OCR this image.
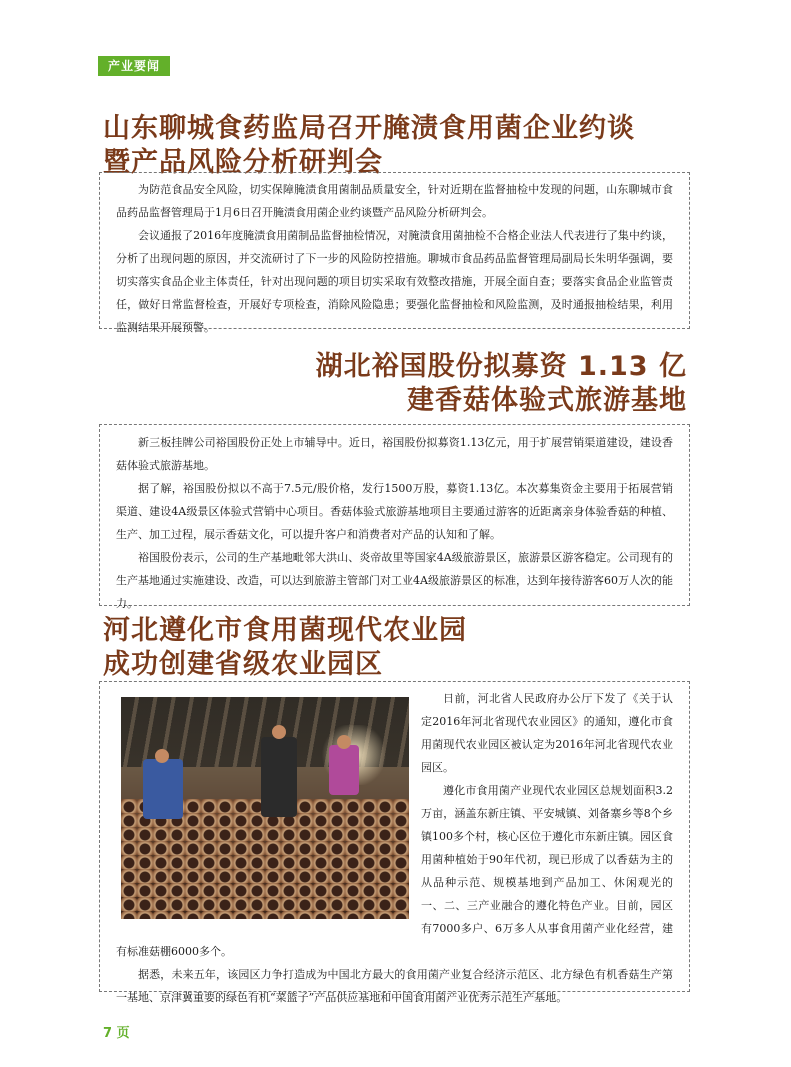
产业要闻
山东聊城食药监局召开腌渍食用菌企业约谈
暨产品风险分析研判会

为防范食品安全风险，切实保障腌渍食用菌制品质量安全，针对近期在监督抽检中发现的问题，山东聊城市食品药品监督管理局于1月6日召开腌渍食用菌企业约谈暨产品风险分析研判会。

会议通报了2016年度腌渍食用菌制品监督抽检情况，对腌渍食用菌抽检不合格企业法人代表进行了集中约谈，分析了出现问题的原因，并交流研讨了下一步的风险防控措施。聊城市食品药品监督管理局副局长朱明华强调，要切实落实食品企业主体责任，针对出现问题的项目切实采取有效整改措施，开展全面自查；要落实食品企业监管责任，做好日常监督检查，开展好专项检查，消除风险隐患；要强化监督抽检和风险监测，及时通报抽检结果，利用监测结果开展预警。

湖北裕国股份拟募资 1.13 亿
建香菇体验式旅游基地

新三板挂牌公司裕国股份正处上市辅导中。近日，裕国股份拟募资1.13亿元，用于扩展营销渠道建设，建设香菇体验式旅游基地。

据了解，裕国股份拟以不高于7.5元/股价格，发行1500万股，募资1.13亿。本次募集资金主要用于拓展营销渠道、建设4A级景区体验式营销中心项目。香菇体验式旅游基地项目主要通过游客的近距离亲身体验香菇的种植、生产、加工过程，展示香菇文化，可以提升客户和消费者对产品的认知和了解。

裕国股份表示，公司的生产基地毗邻大洪山、炎帝故里等国家4A级旅游景区，旅游景区游客稳定。公司现有的生产基地通过实施建设、改造，可以达到旅游主管部门对工业4A级旅游景区的标准，达到年接待游客60万人次的能力。

河北遵化市食用菌现代农业园
成功创建省级农业园区

日前，河北省人民政府办公厅下发了《关于认定2016年河北省现代农业园区》的通知，遵化市食用菌现代农业园区被认定为2016年河北省现代农业园区。

遵化市食用菌产业现代农业园区总规划面积3.2万亩，涵盖东新庄镇、平安城镇、刘备寨乡等8个乡镇100多个村，核心区位于遵化市东新庄镇。园区食用菌种植始于90年代初，现已形成了以香菇为主的从品种示范、规模基地到产品加工、休闲观光的一、二、三产业融合的遵化特色产业。目前，园区有7000多户、6万多人从事食用菌产业化经营，建有标准菇棚6000多个。

据悉，未来五年，该园区力争打造成为中国北方最大的食用菌产业复合经济示范区、北方绿色有机香菇生产第一基地、京津冀重要的绿色有机“菜篮子”产品供应基地和中国食用菌产业优秀示范生产基地。

7 页
